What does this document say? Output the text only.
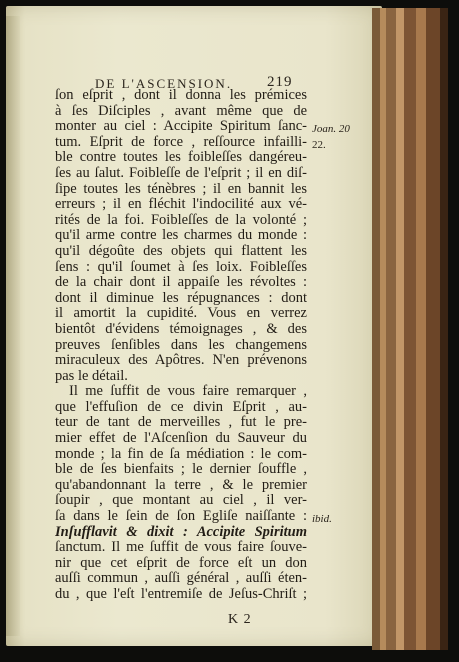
DE L'ASCENSION. 219
ſon eſprit , dont il donna les prémices
à ſes Diſciples , avant même que de
monter au ciel : Accipite Spiritum ſanc-
tum. Eſprit de force , reſſource infailli-
ble contre toutes les foibleſſes dangéreu-
ſes au ſalut. Foibleſſe de l'eſprit ; il en diſ-
ſipe toutes les ténèbres ; il en bannit les
erreurs ; il en fléchit l'indocilité aux vé-
rités de la foi. Foibleſſes de la volonté ;
qu'il arme contre les charmes du monde :
qu'il dégoûte des objets qui flattent les
ſens : qu'il ſoumet à ſes loix. Foibleſſes
de la chair dont il appaiſe les révoltes :
dont il diminue les répugnances : dont
il amortit la cupidité. Vous en verrez
bientôt d'évidens témoignages , & des
preuves ſenſibles dans les changemens
miraculeux des Apôtres. N'en prévenons
pas le détail.
Il me ſuffit de vous faire remarquer ,
que l'effuſion de ce divin Eſprit , au-
teur de tant de merveilles , fut le pre-
mier effet de l'Aſcenſion du Sauveur du
monde ; la fin de ſa médiation : le com-
ble de ſes bienfaits ; le dernier ſouffle ,
qu'abandonnant la terre , & le premier
ſoupir , que montant au ciel , il ver-
ſa dans le ſein de ſon Egliſe naiſſante :
Inſufflavit & dixit : Accipite Spiritum
ſanctum. Il me ſuffit de vous faire ſouve-
nir que cet eſprit de force eſt un don
auſſi commun , auſſi général , auſſi éten-
du , que l'eſt l'entremiſe de Jeſus-Chriſt ;
Joan. 20
22.
ibid.
K 2
